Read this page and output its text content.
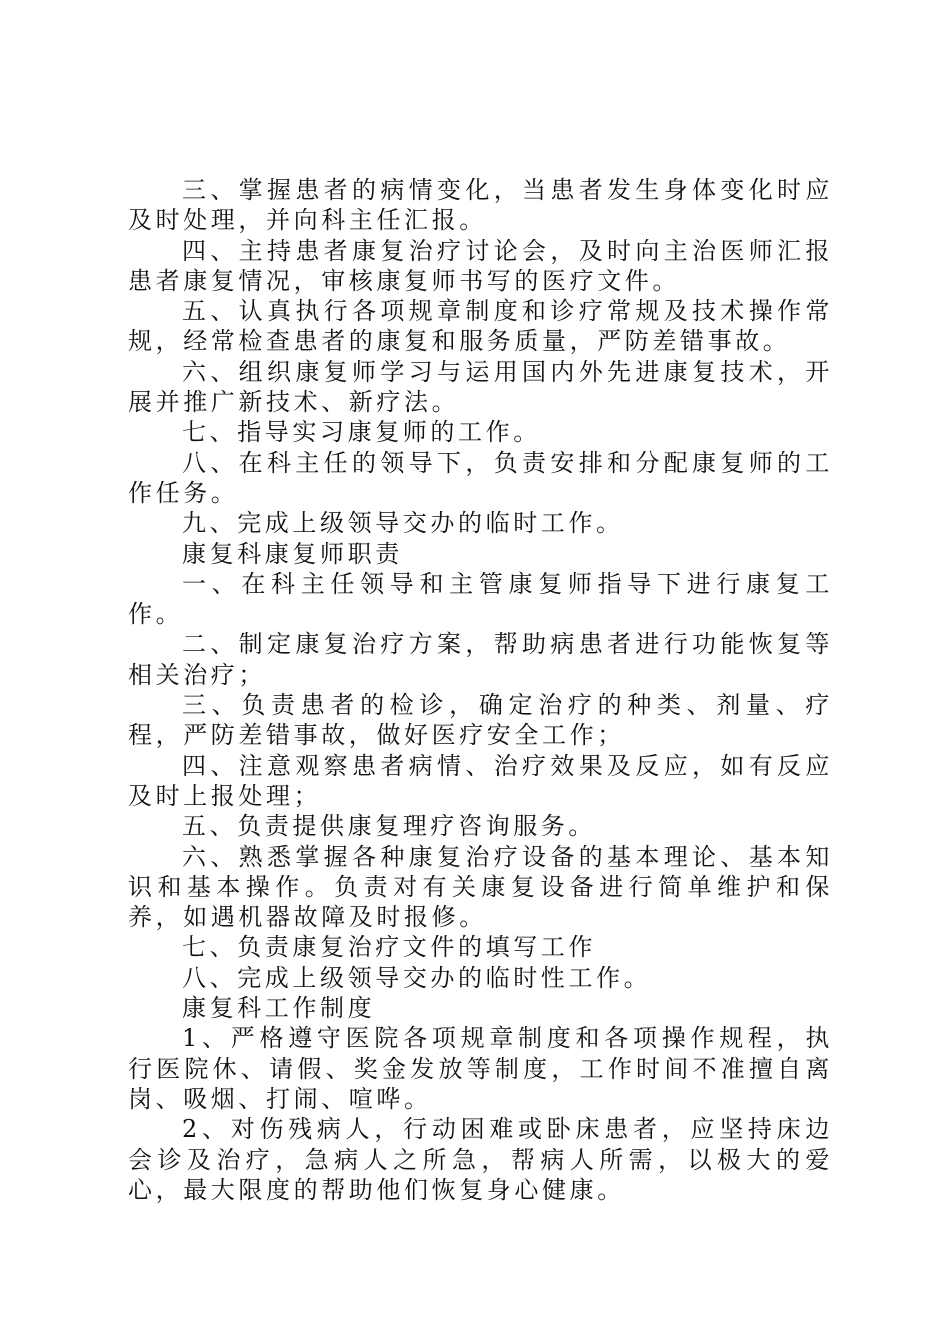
三、掌握患者的病情变化，当患者发生身体变化时应及时处理，并向科主任汇报。

四、主持患者康复治疗讨论会，及时向主治医师汇报患者康复情况，审核康复师书写的医疗文件。

五、认真执行各项规章制度和诊疗常规及技术操作常规，经常检查患者的康复和服务质量，严防差错事故。

六、组织康复师学习与运用国内外先进康复技术，开展并推广新技术、新疗法。

七、指导实习康复师的工作。

八、在科主任的领导下，负责安排和分配康复师的工作任务。

九、完成上级领导交办的临时工作。

康复科康复师职责

一、在科主任领导和主管康复师指导下进行康复工作。

二、制定康复治疗方案，帮助病患者进行功能恢复等相关治疗；

三、负责患者的检诊，确定治疗的种类、剂量、疗程，严防差错事故，做好医疗安全工作；

四、注意观察患者病情、治疗效果及反应，如有反应及时上报处理；

五、负责提供康复理疗咨询服务。

六、熟悉掌握各种康复治疗设备的基本理论、基本知识和基本操作。负责对有关康复设备进行简单维护和保养，如遇机器故障及时报修。

七、负责康复治疗文件的填写工作

八、完成上级领导交办的临时性工作。

康复科工作制度

1、严格遵守医院各项规章制度和各项操作规程，执行医院休、请假、奖金发放等制度，工作时间不准擅自离岗、吸烟、打闹、喧哗。

2、对伤残病人，行动困难或卧床患者，应坚持床边会诊及治疗，急病人之所急，帮病人所需，以极大的爱心，最大限度的帮助他们恢复身心健康。
